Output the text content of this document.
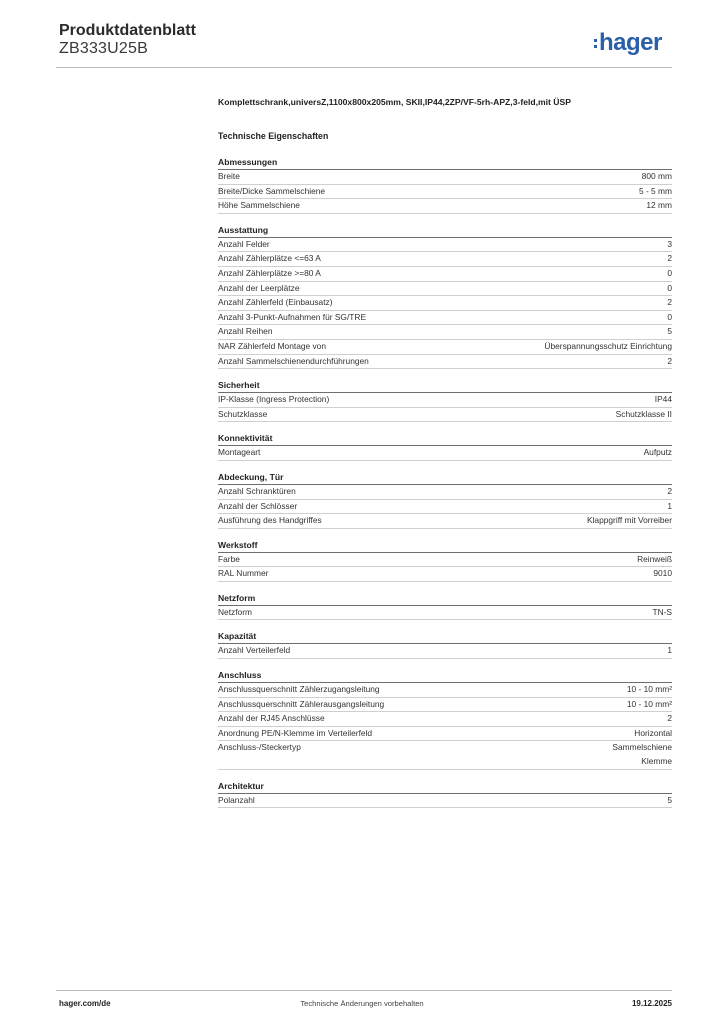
Produktdatenblatt
ZB333U25B	hager
Komplettschrank,universZ,1100x800x205mm, SKII,IP44,2ZP/VF-5rh-APZ,3-feld,mit ÜSP
Technische Eigenschaften
Abmessungen
Breite	800 mm
Breite/Dicke Sammelschiene	5 - 5 mm
Höhe Sammelschiene	12 mm
Ausstattung
Anzahl Felder	3
Anzahl Zählerplätze <=63 A	2
Anzahl Zählerplätze >=80 A	0
Anzahl der Leerplätze	0
Anzahl Zählerfeld (Einbausatz)	2
Anzahl 3-Punkt-Aufnahmen für SG/TRE	0
Anzahl Reihen	5
NAR Zählerfeld Montage von	Überspannungsschutz Einrichtung
Anzahl Sammelschienendurchführungen	2
Sicherheit
IP-Klasse (Ingress Protection)	IP44
Schutzklasse	Schutzklasse II
Konnektivität
Montageart	Aufputz
Abdeckung, Tür
Anzahl Schranktüren	2
Anzahl der Schlösser	1
Ausführung des Handgriffes	Klappgriff mit Vorreiber
Werkstoff
Farbe	Reinweiß
RAL Nummer	9010
Netzform
Netzform	TN-S
Kapazität
Anzahl Verteilerfeld	1
Anschluss
Anschlussquerschnitt Zählerzugangsleitung	10 - 10 mm²
Anschlussquerschnitt Zählerausgangsleitung	10 - 10 mm²
Anzahl der RJ45 Anschlüsse	2
Anordnung PE/N-Klemme im Verteilerfeld	Horizontal
Anschluss-/Steckertyp	Sammelschiene
Klemme
Architektur
Polanzahl	5
hager.com/de	Technische Änderungen vorbehalten	19.12.2025
